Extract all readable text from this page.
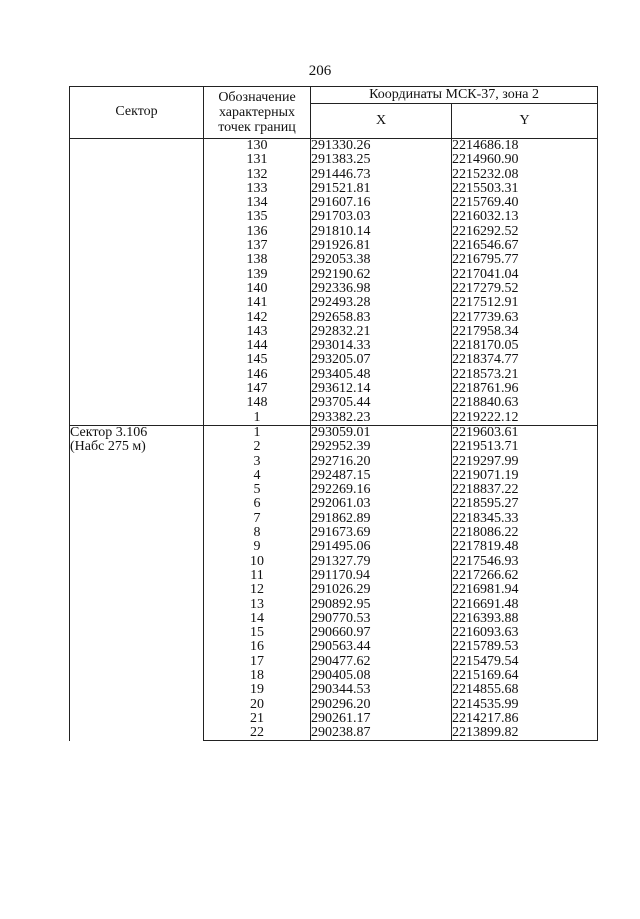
206
Сектор	Обозначение
характерных
точек границ	Координаты МСК-37, зона 2	
		X	Y

	130	291330.26	2214686.18
	131	291383.25	2214960.90
	132	291446.73	2215232.08
	133	291521.81	2215503.31
	134	291607.16	2215769.40
	135	291703.03	2216032.13
	136	291810.14	2216292.52
	137	291926.81	2216546.67
	138	292053.38	2216795.77
	139	292190.62	2217041.04
	140	292336.98	2217279.52
	141	292493.28	2217512.91
	142	292658.83	2217739.63
	143	292832.21	2217958.34
	144	293014.33	2218170.05
	145	293205.07	2218374.77
	146	293405.48	2218573.21
	147	293612.14	2218761.96
	148	293705.44	2218840.63
	1	293382.23	2219222.12

Сектор 3.106
(Набс 275 м)	1	293059.01	2219603.61
	2	292952.39	2219513.71
	3	292716.20	2219297.99
	4	292487.15	2219071.19
	5	292269.16	2218837.22
	6	292061.03	2218595.27
	7	291862.89	2218345.33
	8	291673.69	2218086.22
	9	291495.06	2217819.48
	10	291327.79	2217546.93
	11	291170.94	2217266.62
	12	291026.29	2216981.94
	13	290892.95	2216691.48
	14	290770.53	2216393.88
	15	290660.97	2216093.63
	16	290563.44	2215789.53
	17	290477.62	2215479.54
	18	290405.08	2215169.64
	19	290344.53	2214855.68
	20	290296.20	2214535.99
	21	290261.17	2214217.86
	22	290238.87	2213899.82
